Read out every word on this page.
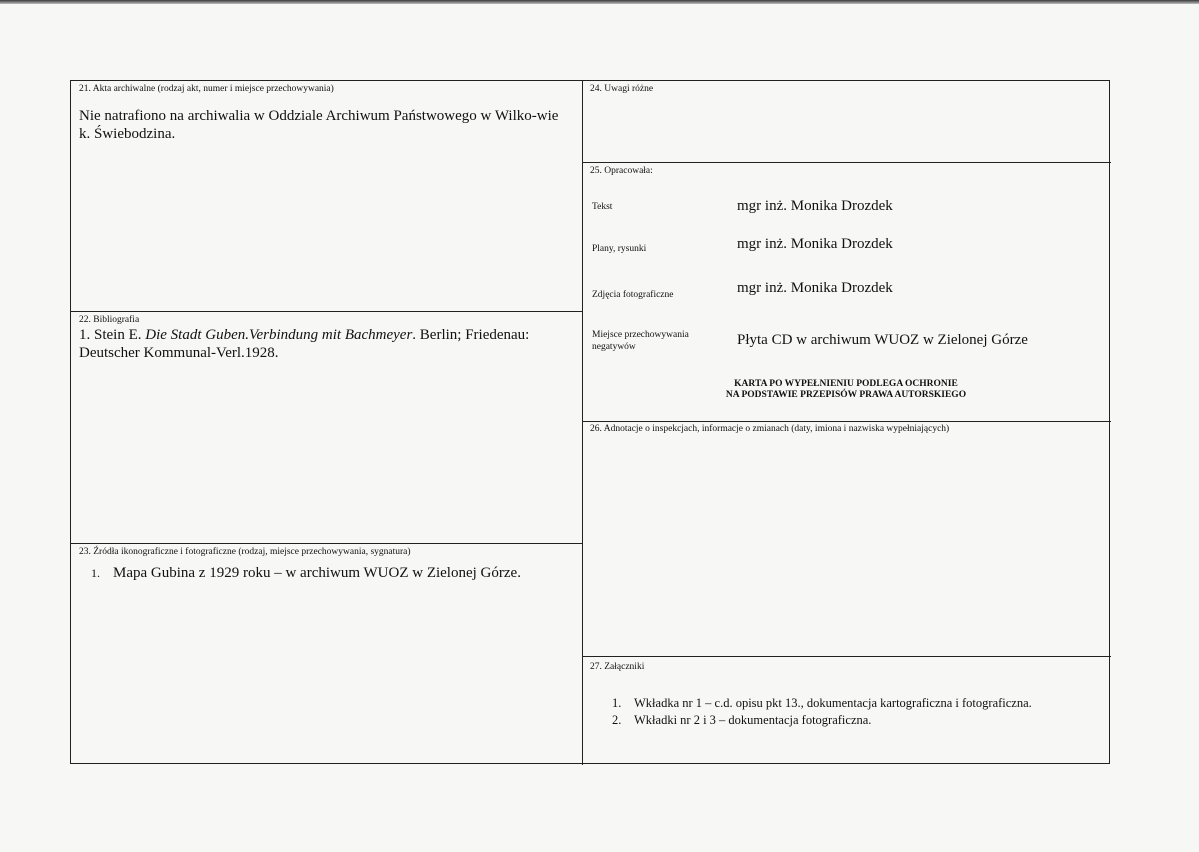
21. Akta archiwalne (rodzaj akt, numer i miejsce przechowywania)
Nie natrafiono na archiwalia w Oddziale Archiwum Państwowego w Wilko-wie k. Świebodzina.
22. Bibliografia
1. Stein E. Die Stadt Guben.Verbindung mit Bachmeyer. Berlin; Friedenau: Deutscher Kommunal-Verl.1928.
23. Źródła ikonograficzne i fotograficzne (rodzaj, miejsce przechowywania, sygnatura)
1. Mapa Gubina z 1929 roku – w archiwum WUOZ w Zielonej Górze.
24. Uwagi różne
25. Opracowała:
Tekst	mgr inż. Monika Drozdek
Plany, rysunki	mgr inż. Monika Drozdek
Zdjęcia fotograficzne	mgr inż. Monika Drozdek
Miejsce przechowywania
negatywów	Płyta CD w archiwum WUOZ w Zielonej Górze
KARTA PO WYPEŁNIENIU PODLEGA OCHRONIE
NA PODSTAWIE PRZEPISÓW PRAWA AUTORSKIEGO
26. Adnotacje o inspekcjach, informacje o zmianach (daty, imiona i nazwiska wypełniających)
27. Załączniki
1. Wkładka nr 1 – c.d. opisu pkt 13., dokumentacja kartograficzna i fotograficzna.
2. Wkładki nr 2 i 3 – dokumentacja fotograficzna.
